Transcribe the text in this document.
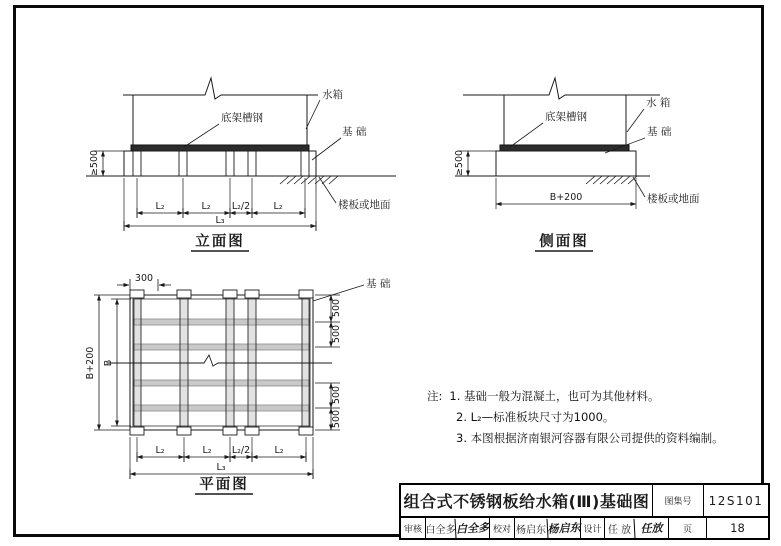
≥500
L₂	L₂ L₂/2 L₂
L₃
水箱
基 础
底架槽钢
楼板或地面
立面图
≥500
B+200
水 箱
基 础
底架槽钢
楼板或地面
侧面图
300
B+200 B
500
500
500
500
L₂	L₂ L₂/2	L₂
L₃
基 础
平面图
注: 1. 基础一般为混凝土，也可为其他材料。
2. L₂—标准板块尺寸为1000。
3. 本图根据济南银河容器有限公司提供的资料编制。
组合式不锈钢板给水箱(Ⅲ)基础图	图集号	12S101
审核 白全多 白全多 校对 杨启东 杨启东 设计 任 放 任放	页	18
